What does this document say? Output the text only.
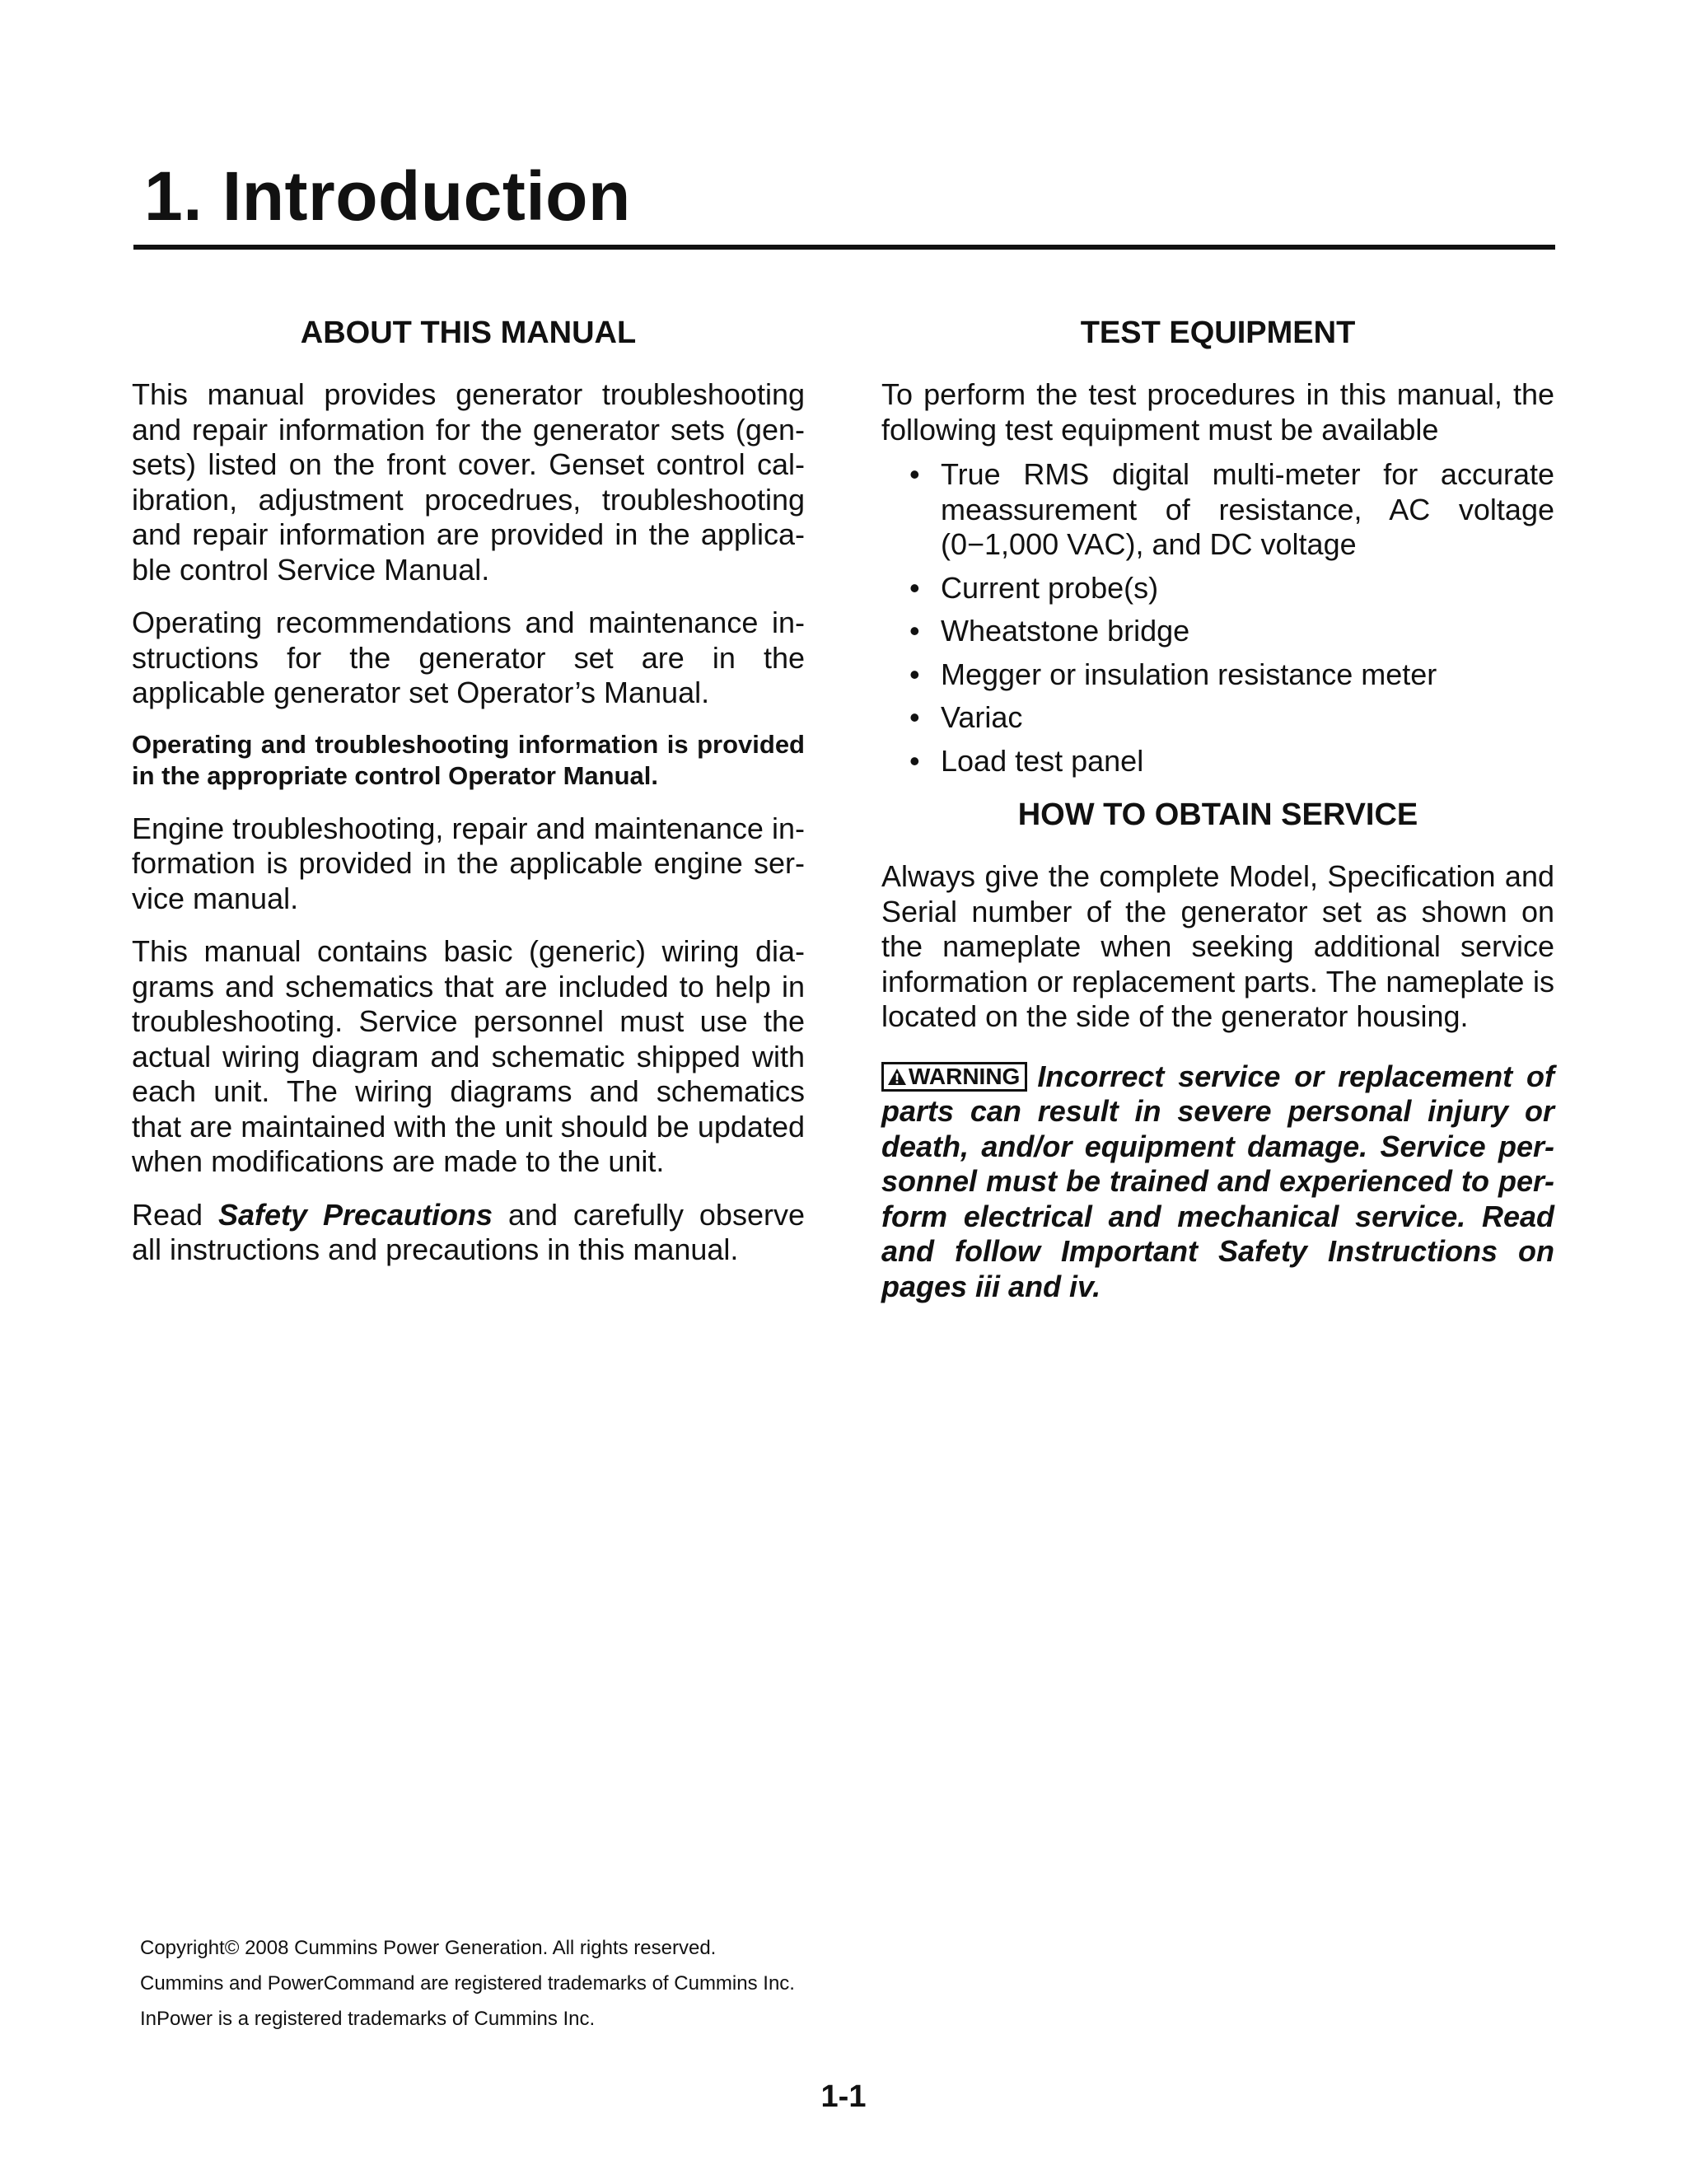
1. Introduction
ABOUT THIS MANUAL

This manual provides generator troubleshooting and repair information for the generator sets (gensets) listed on the front cover. Genset control calibration, adjustment procedrues, troubleshooting and repair information are provided in the applicable control Service Manual.

Operating recommendations and maintenance instructions for the generator set are in the applicable generator set Operator’s Manual.

Operating and troubleshooting information is provided in the appropriate control Operator Manual.

Engine troubleshooting, repair and maintenance information is provided in the applicable engine service manual.

This manual contains basic (generic) wiring diagrams and schematics that are included to help in troubleshooting. Service personnel must use the actual wiring diagram and schematic shipped with each unit. The wiring diagrams and schematics that are maintained with the unit should be updated when modifications are made to the unit.

Read Safety Precautions and carefully observe all instructions and precautions in this manual.

TEST EQUIPMENT

To perform the test procedures in this manual, the following test equipment must be available

• True RMS digital multi-meter for accurate meassurement of resistance, AC voltage (0−1,000 VAC), and DC voltage
• Current probe(s)
• Wheatstone bridge
• Megger or insulation resistance meter
• Variac
• Load test panel
HOW TO OBTAIN SERVICE

Always give the complete Model, Specification and Serial number of the generator set as shown on the nameplate when seeking additional service information or replacement parts. The nameplate is located on the side of the generator housing.

WARNING Incorrect service or replacement of parts can result in severe personal injury or death, and/or equipment damage. Service personnel must be trained and experienced to perform electrical and mechanical service. Read and follow Important Safety Instructions on pages iii and iv.

Copyright© 2008 Cummins Power Generation. All rights reserved.
Cummins and PowerCommand are registered trademarks of Cummins Inc.
InPower is a registered trademarks of Cummins Inc.
1-1
